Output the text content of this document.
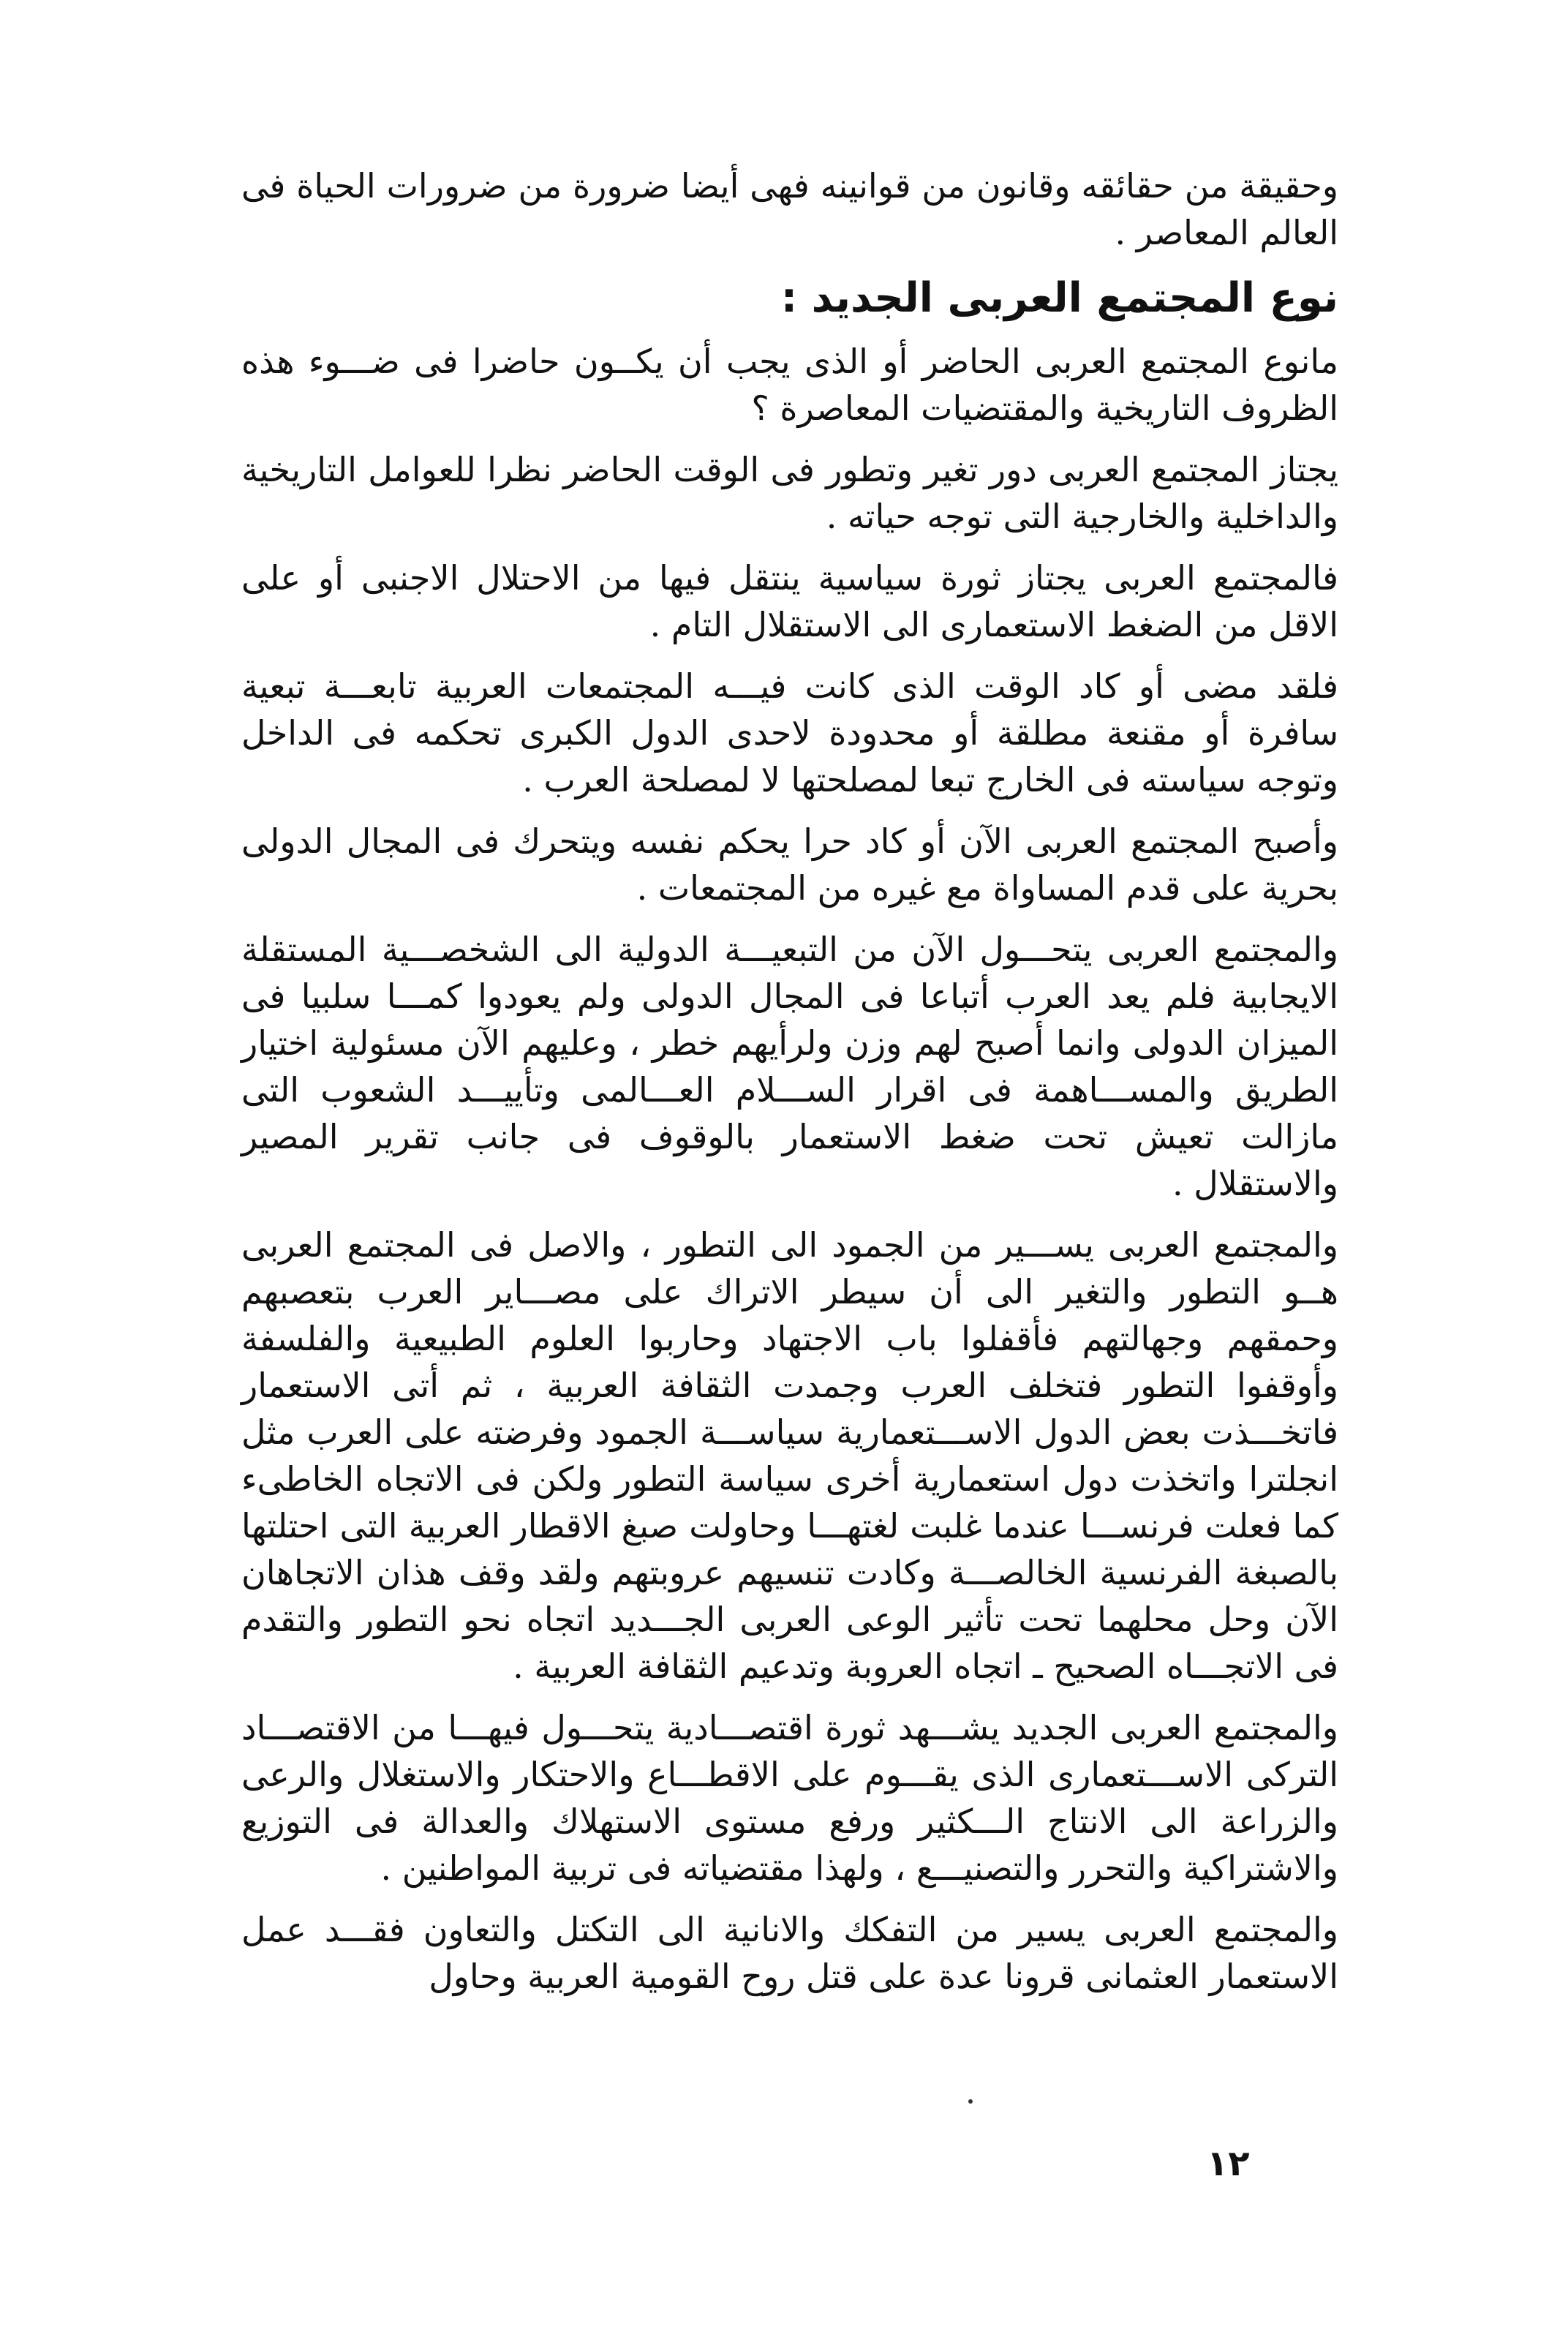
وحقيقة من حقائقه وقانون من قوانينه فهى أيضا ضرورة من ضرورات الحياة فى العالم المعاصر .

نوع المجتمع العربى الجديد :

مانوع المجتمع العربى الحاضر أو الذى يجب أن يكــون حاضرا فى ضـــوء هذه الظروف التاريخية والمقتضيات المعاصرة ؟

يجتاز المجتمع العربى دور تغير وتطور فى الوقت الحاضر نظرا للعوامل التاريخية والداخلية والخارجية التى توجه حياته .

فالمجتمع العربى يجتاز ثورة سياسية ينتقل فيها من الاحتلال الاجنبى أو على الاقل من الضغط الاستعمارى الى الاستقلال التام .

فلقد مضى أو كاد الوقت الذى كانت فيـــه المجتمعات العربية تابعـــة تبعية سافرة أو مقنعة مطلقة أو محدودة لاحدى الدول الكبرى تحكمه فى الداخل وتوجه سياسته فى الخارج تبعا لمصلحتها لا لمصلحة العرب .

وأصبح المجتمع العربى الآن أو كاد حرا يحكم نفسه ويتحرك فى المجال الدولى بحرية على قدم المساواة مع غيره من المجتمعات .

والمجتمع العربى يتحـــول الآن من التبعيـــة الدولية الى الشخصـــية المستقلة الايجابية فلم يعد العرب أتباعا فى المجال الدولى ولم يعودوا كمـــا سلبيا فى الميزان الدولى وانما أصبح لهم وزن ولرأيهم خطر ، وعليهم الآن مسئولية اختيار الطريق والمســـاهمة فى اقرار الســـلام العـــالمى وتأييـــد الشعوب التى مازالت تعيش تحت ضغط الاستعمار بالوقوف فى جانب تقرير المصير والاستقلال .

والمجتمع العربى يســـير من الجمود الى التطور ، والاصل فى المجتمع العربى هــو التطور والتغير الى أن سيطر الاتراك على مصـــاير العرب بتعصبهم وحمقهم وجهالتهم فأقفلوا باب الاجتهاد وحاربوا العلوم الطبيعية والفلسفة وأوقفوا التطور فتخلف العرب وجمدت الثقافة العربية ، ثم أتى الاستعمار فاتخـــذت بعض الدول الاســـتعمارية سياســـة الجمود وفرضته على العرب مثل انجلترا واتخذت دول استعمارية أخرى سياسة التطور ولكن فى الاتجاه الخاطىء كما فعلت فرنســـا عندما غلبت لغتهـــا وحاولت صبغ الاقطار العربية التى احتلتها بالصبغة الفرنسية الخالصـــة وكادت تنسيهم عروبتهم ولقد وقف هذان الاتجاهان الآن وحل محلهما تحت تأثير الوعى العربى الجـــديد اتجاه نحو التطور والتقدم فى الاتجـــاه الصحيح ـ اتجاه العروبة وتدعيم الثقافة العربية .

والمجتمع العربى الجديد يشـــهد ثورة اقتصـــادية يتحـــول فيهـــا من الاقتصـــاد التركى الاســـتعمارى الذى يقـــوم على الاقطـــاع والاحتكار والاستغلال والرعى والزراعة الى الانتاج الـــكثير ورفع مستوى الاستهلاك والعدالة فى التوزيع والاشتراكية والتحرر والتصنيـــع ، ولهذا مقتضياته فى تربية المواطنين .

والمجتمع العربى يسير من التفكك والانانية الى التكتل والتعاون فقـــد عمل الاستعمار العثمانى قرونا عدة على قتل روح القومية العربية وحاول

١٢
